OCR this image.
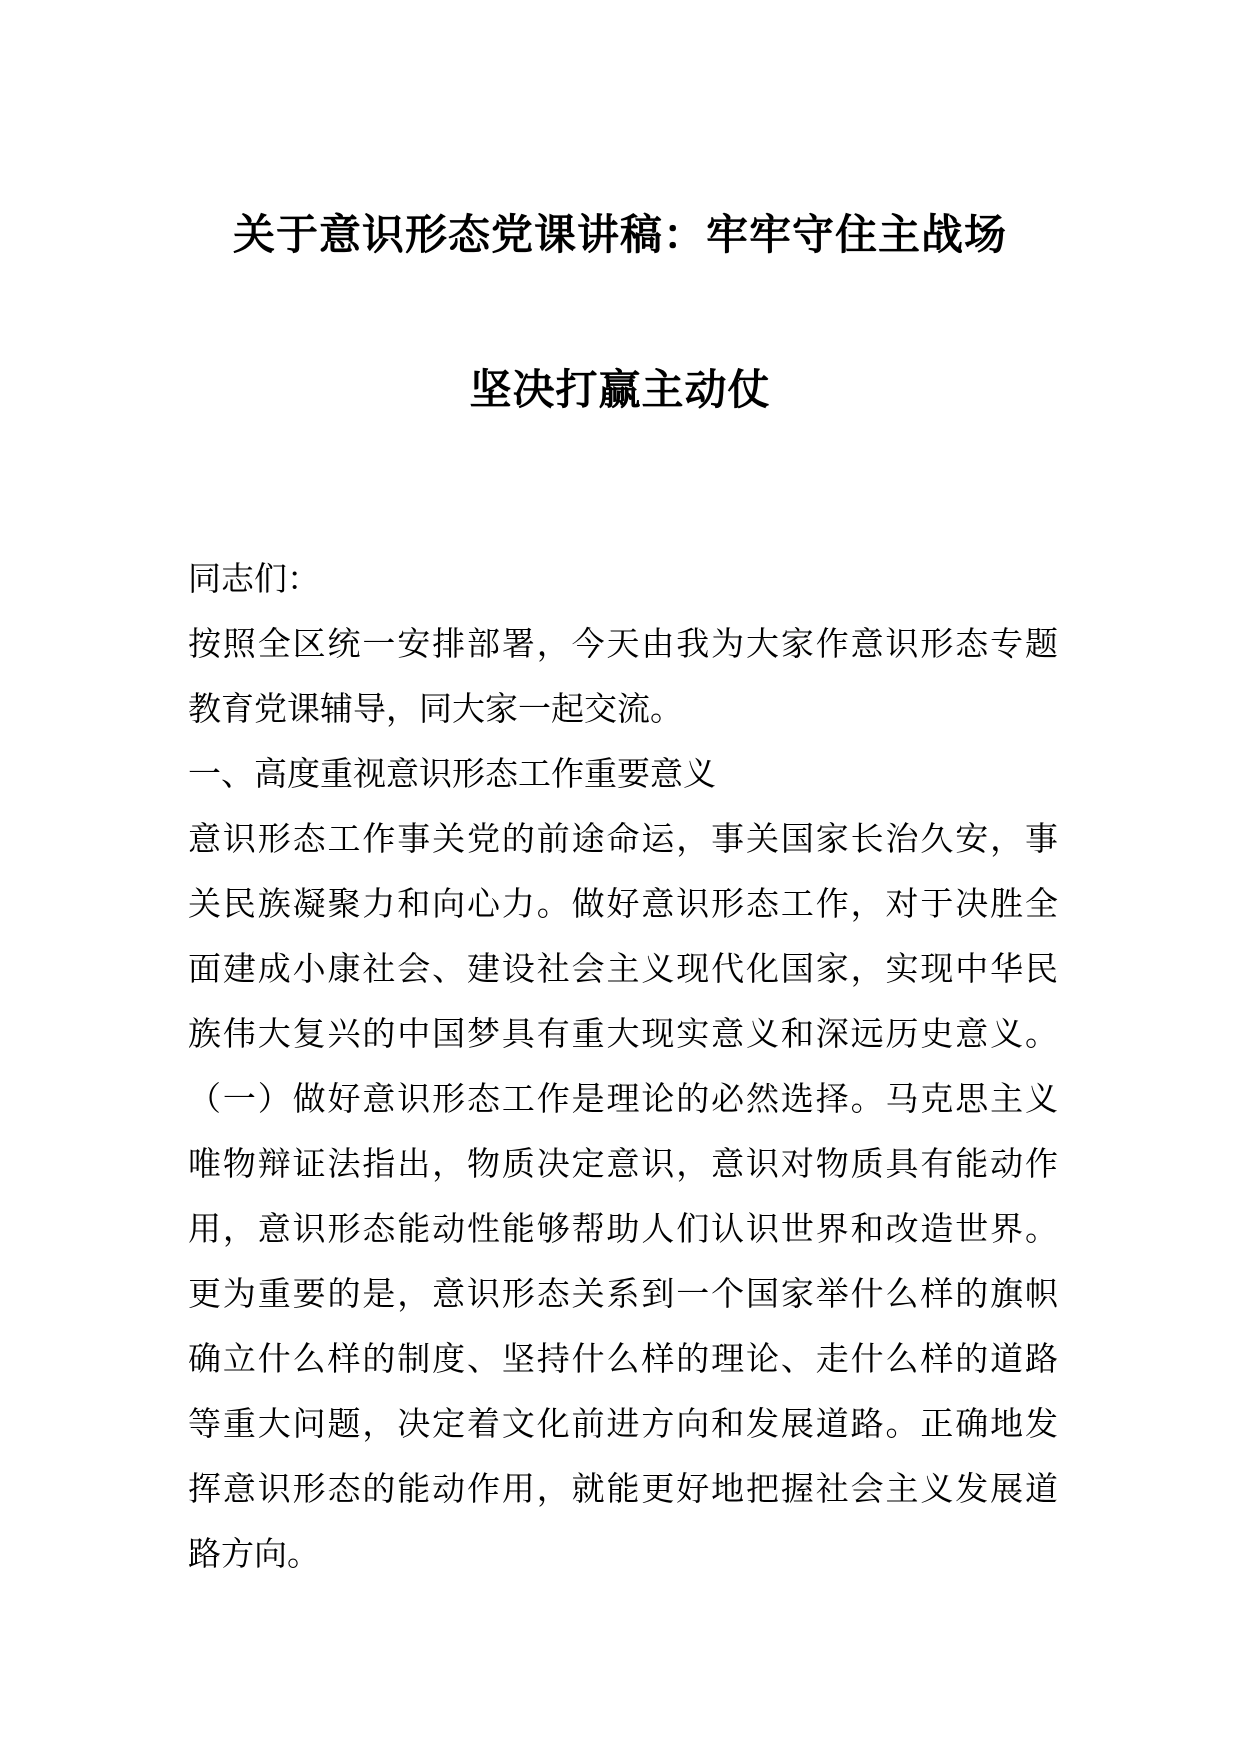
关于意识形态党课讲稿：牢牢守住主战场
坚决打赢主动仗
同志们：
按照全区统一安排部署，今天由我为大家作意识形态专题
教育党课辅导，同大家一起交流。
一、高度重视意识形态工作重要意义
意识形态工作事关党的前途命运，事关国家长治久安，事
关民族凝聚力和向心力。做好意识形态工作，对于决胜全
面建成小康社会、建设社会主义现代化国家，实现中华民
族伟大复兴的中国梦具有重大现实意义和深远历史意义。
（一）做好意识形态工作是理论的必然选择。马克思主义
唯物辩证法指出，物质决定意识，意识对物质具有能动作
用，意识形态能动性能够帮助人们认识世界和改造世界。
更为重要的是，意识形态关系到一个国家举什么样的旗帜
确立什么样的制度、坚持什么样的理论、走什么样的道路
等重大问题，决定着文化前进方向和发展道路。正确地发
挥意识形态的能动作用，就能更好地把握社会主义发展道
路方向。
